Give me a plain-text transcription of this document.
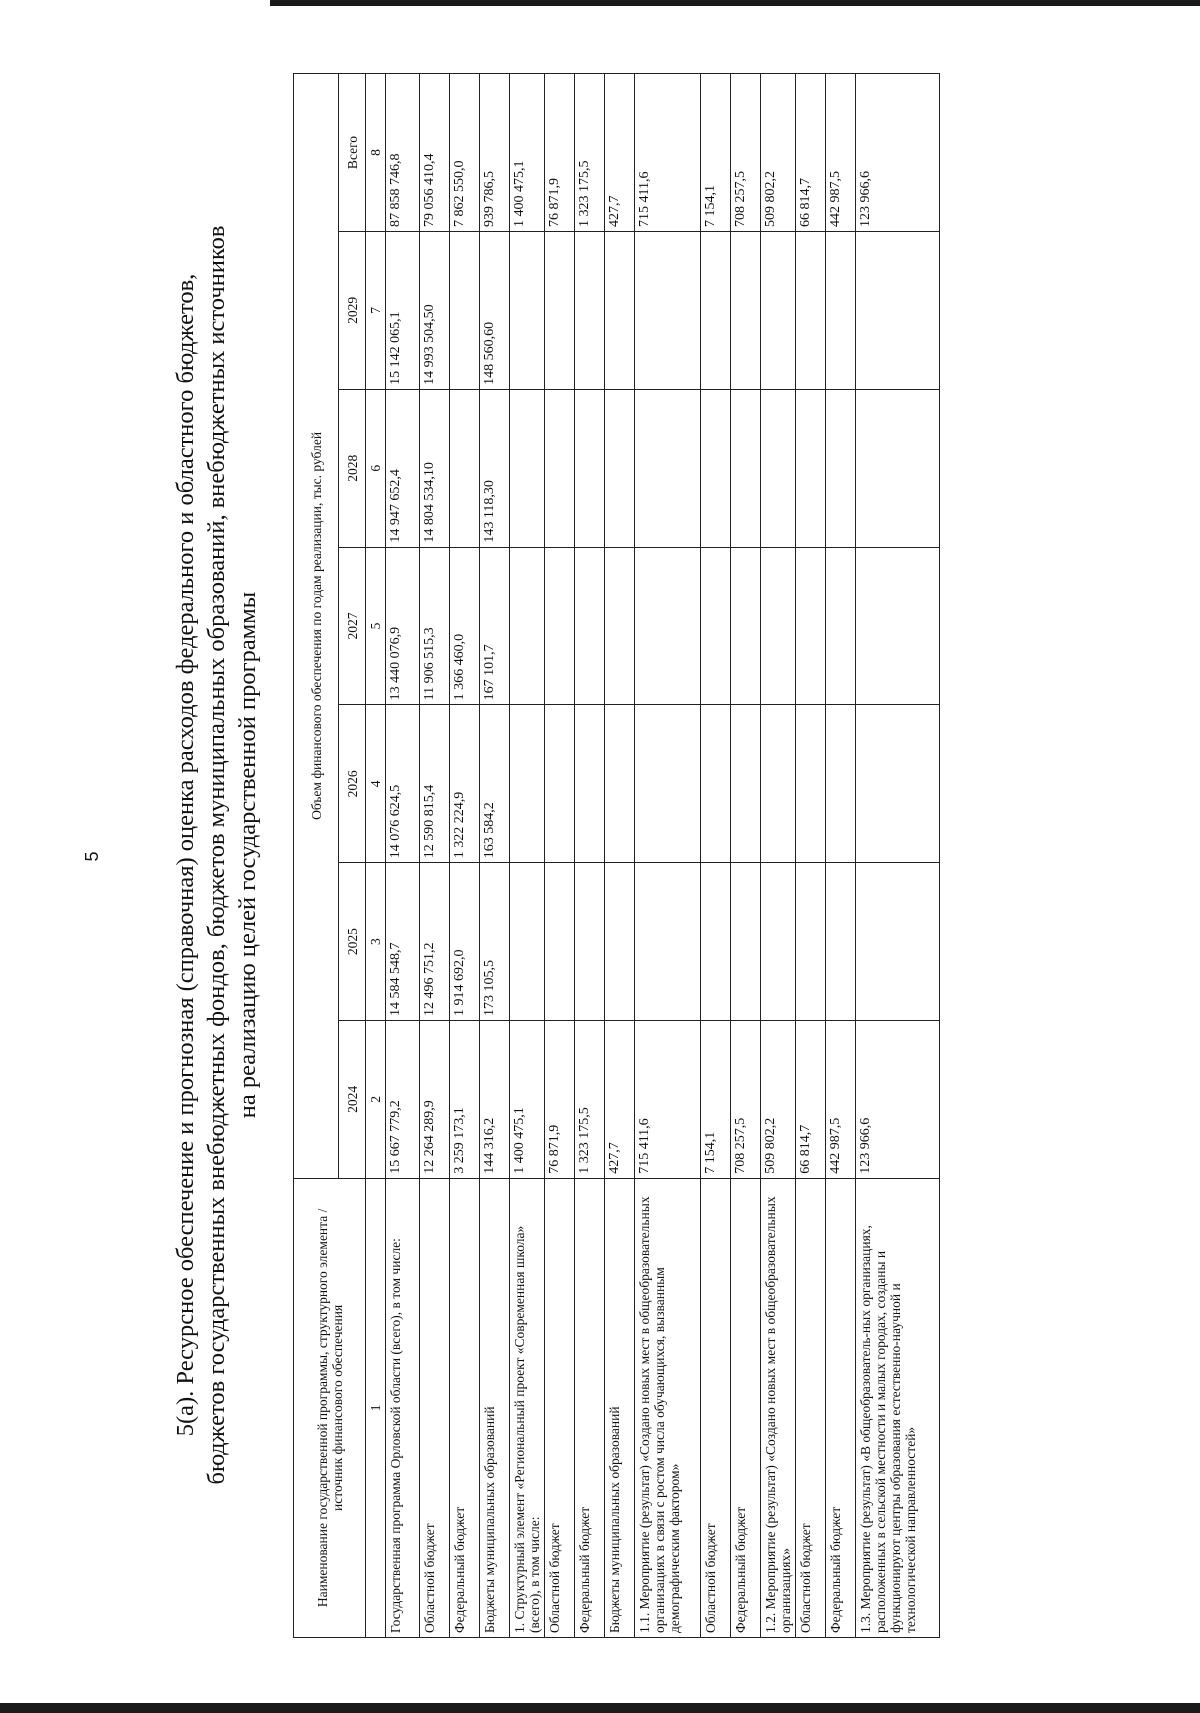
5	5(а). Ресурсное обеспечение и прогнозная (справочная) оценка расходов федерального и областного бюджетов, бюджетов государственных внебюджетных фондов, бюджетов муниципальных образований, внебюджетных источников на реализацию целей государственной программы
Наименование государственной программы, структурного элемента / источник финансового обеспечения	Объем финансового обеспечения по годам реализации, тыс. рублей						
	2024	2025	2026	2027	2028	2029	Всего
1	2	3	4	5	6	7	8
Государственная программа Орловской области (всего), в том числе:	15 667 779,2	14 584 548,7	14 076 624,5	13 440 076,9	14 947 652,4	15 142 065,1	87 858 746,8
Областной бюджет	12 264 289,9	12 496 751,2	12 590 815,4	11 906 515,3	14 804 534,10	14 993 504,50	79 056 410,4
Федеральный бюджет	3 259 173,1	1 914 692,0	1 322 224,9	1 366 460,0			7 862 550,0
Бюджеты муниципальных образований	144 316,2	173 105,5	163 584,2	167 101,7	143 118,30	148 560,60	939 786,5
1. Структурный элемент «Региональный проект «Современная школа» (всего), в том числе:	1 400 475,1						1 400 475,1
Областной бюджет	76 871,9						76 871,9
Федеральный бюджет	1 323 175,5						1 323 175,5
Бюджеты муниципальных образований	427,7						427,7
1.1. Мероприятие (результат) «Создано новых мест в общеобразовательных организациях в связи с ростом числа обучающихся, вызванным демографическим фактором»	715 411,6						715 411,6
Областной бюджет	7 154,1						7 154,1
Федеральный бюджет	708 257,5						708 257,5
1.2. Мероприятие (результат) «Создано новых мест в общеобразовательных организациях»	509 802,2						509 802,2
Областной бюджет	66 814,7						66 814,7
Федеральный бюджет	442 987,5						442 987,5
1.3. Мероприятие (результат) «В общеобразователь-ных организациях, расположенных в сельской местности и малых городах, созданы и функционируют центры образования естественно-научной и технологической направленностей»	123 966,6						123 966,6
